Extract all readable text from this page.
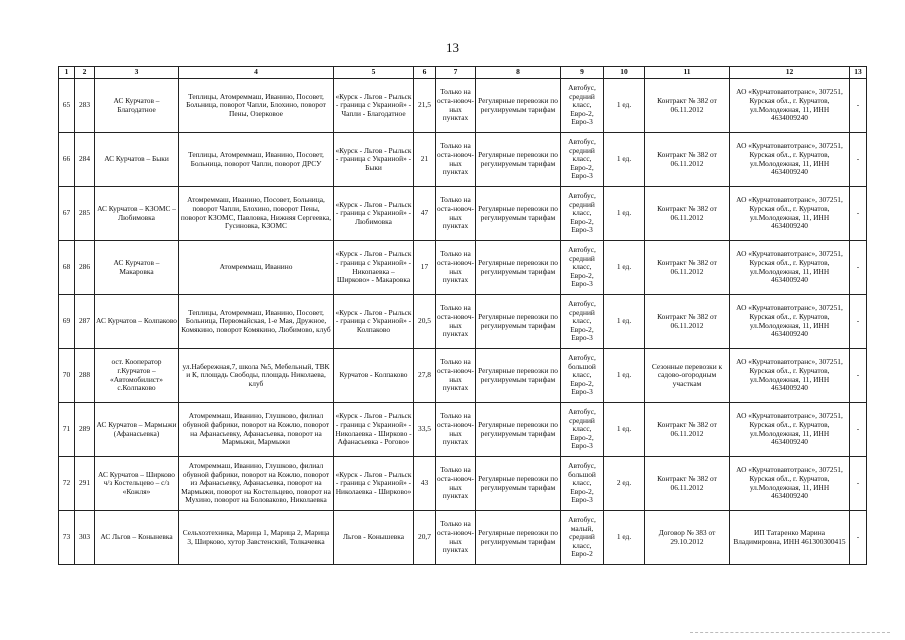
13
1	2	3	4	5	6	7	8	9	10	11	12	13
65	283	АС Курчатов – Благодатное	Теплицы, Атомреммаш, Иванино, Посовет, Больница, поворот Чапли, Блохино, поворот Пены, Озерковое	«Курск - Льгов - Рыльск - граница с Украиной» - Чапли - Благодатное	21,5	Только на оста-новоч-ных пунктах	Регулярные перевозки по регулируемым тарифам	Автобус, средний класс, Евро-2, Евро-3	1 ед.	Контракт № 382 от 06.11.2012	АО «Курчатовавтотранс», 307251, Курская обл., г. Курчатов, ул.Молодежная, 11, ИНН 4634009240	-
66	284	АС Курчатов – Быки	Теплицы, Атомреммаш, Иванино, Посовет, Больница, поворот Чапли, поворот ДРСУ	«Курск - Льгов - Рыльск - граница с Украиной» - Быки	21	Только на оста-новоч-ных пунктах	Регулярные перевозки по регулируемым тарифам	Автобус, средний класс, Евро-2, Евро-3	1 ед.	Контракт № 382 от 06.11.2012	АО «Курчатовавтотранс», 307251, Курская обл., г. Курчатов, ул.Молодежная, 11, ИНН 4634009240	-
67	285	АС Курчатов – КЗОМС – Любимовка	Атомреммаш, Иванино, Посовет, Больница, поворот Чапли, Блохино, поворот Пены, поворот КЗОМС, Павловка, Нижняя Сергеевка, Гусиновка, КЗОМС	«Курск - Льгов - Рыльск - граница с Украиной» - Любимовка	47	Только на оста-новоч-ных пунктах	Регулярные перевозки по регулируемым тарифам	Автобус, средний класс, Евро-2, Евро-3	1 ед.	Контракт № 382 от 06.11.2012	АО «Курчатовавтотранс», 307251, Курская обл., г. Курчатов, ул.Молодежная, 11, ИНН 4634009240	-
68	286	АС Курчатов – Макаровка	Атомреммаш, Иванино	«Курск - Льгов - Рыльск - граница с Украиной» - Никопаевка – Ширково» - Макаровка	17	Только на оста-новоч-ных пунктах	Регулярные перевозки по регулируемым тарифам	Автобус, средний класс, Евро-2, Евро-3	1 ед.	Контракт № 382 от 06.11.2012	АО «Курчатовавтотранс», 307251, Курская обл., г. Курчатов, ул.Молодежная, 11, ИНН 4634009240	-
69	287	АС Курчатов – Колпаково	Теплицы, Атомреммаш, Иванино, Посовет, Больница, Первомайская, 1-е Мая, Дружное, Комякино, поворот Комякино, Любимово, клуб	«Курск - Льгов - Рыльск - граница с Украиной» - Колпаково	20,5	Только на оста-новоч-ных пунктах	Регулярные перевозки по регулируемым тарифам	Автобус, средний класс, Евро-2, Евро-3	1 ед.	Контракт № 382 от 06.11.2012	АО «Курчатовавтотранс», 307251, Курская обл., г. Курчатов, ул.Молодежная, 11, ИНН 4634009240	-
70	288	ост. Кооператор г.Курчатов – «Автомобилист» с.Колпаково	ул.Набережная,7, школа №5, Мебельный, ТВК и К, площадь Свободы, площадь Николаева, клуб	Курчатов - Колпаково	27,8	Только на оста-новоч-ных пунктах	Регулярные перевозки по регулируемым тарифам	Автобус, большой класс, Евро-2, Евро-3	1 ед.	Сезонные перевозки к садово-огородным участкам	АО «Курчатовавтотранс», 307251, Курская обл., г. Курчатов, ул.Молодежная, 11, ИНН 4634009240	-
71	289	АС Курчатов – Мармыжи (Афанасьевка)	Атомреммаш, Иванино, Глушково, филиал обувной фабрики, поворот на Кожлю, поворот на Афанасьевку, Афанасьевка, поворот на Мармыжи, Мармыжи	«Курск - Льгов - Рыльск - граница с Украиной» - Николаевка - Ширково - Афанасьевка - Рогово»	33,5	Только на оста-новоч-ных пунктах	Регулярные перевозки по регулируемым тарифам	Автобус, средний класс, Евро-2, Евро-3	1 ед.	Контракт № 382 от 06.11.2012	АО «Курчатовавтотранс», 307251, Курская обл., г. Курчатов, ул.Молодежная, 11, ИНН 4634009240	-
72	291	АС Курчатов – Ширково ч/з Костельцево – с/з «Кожля»	Атомреммаш, Иванино, Глушково, филиал обувной фабрики, поворот на Кожлю, поворот из Афанасьевку, Афанасьевка, поворот на Мармыжи, поворот на Костельцево, поворот на Мухино, поворот на Боловаково, Николаевка	«Курск - Льгов - Рыльск - граница с Украиной» - Николаевка - Ширково»	43	Только на оста-новоч-ных пунктах	Регулярные перевозки по регулируемым тарифам	Автобус, большой класс, Евро-2, Евро-3	2 ед.	Контракт № 382 от 06.11.2012	АО «Курчатовавтотранс», 307251, Курская обл., г. Курчатов, ул.Молодежная, 11, ИНН 4634009240	-
73	303	АС Льгов – Коныневка	Сельхозтехника, Марица 1, Марица 2, Марица 3, Ширково, хутор Завстенский, Толкачевка	Льгов - Конышевка	20,7	Только на оста-новоч-ных пунктах	Регулярные перевозки по регулируемым тарифам	Автобус, малый, средний класс, Евро-2	1 ед.	Договор № 383 от 29.10.2012	ИП Татаренко Марина Владимировна, ИНН 461300300415	-
